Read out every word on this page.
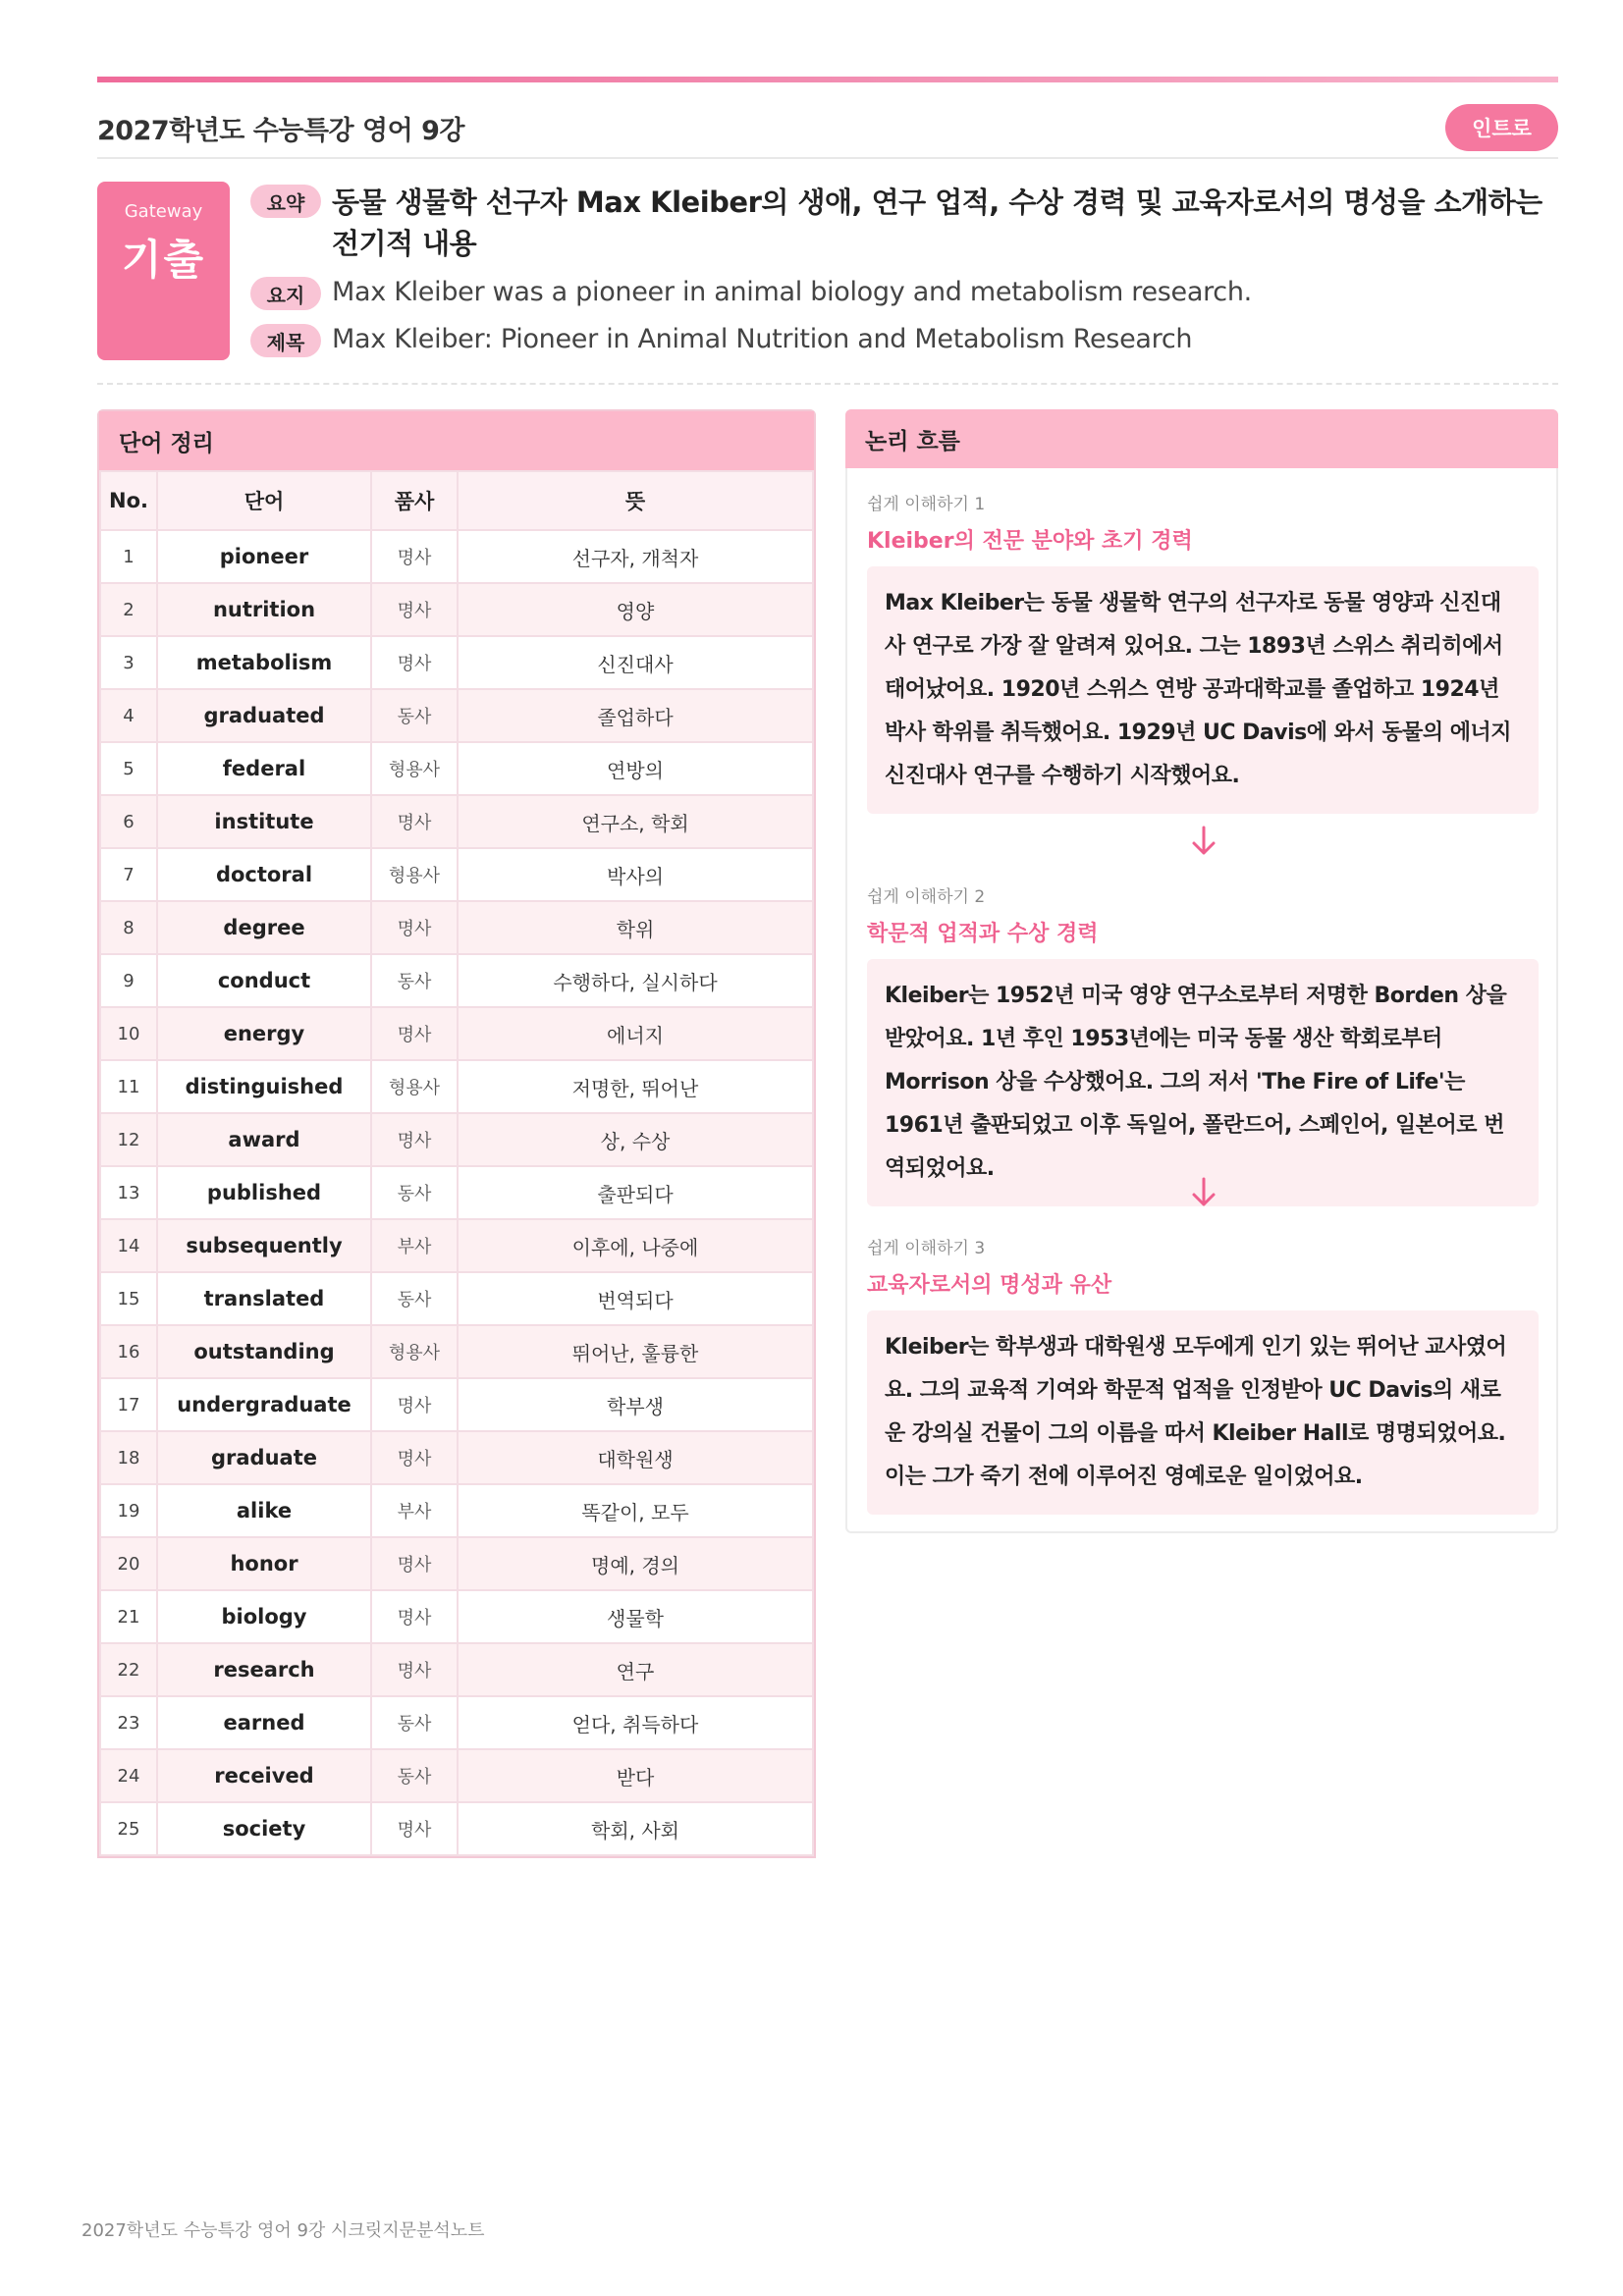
2027학년도 수능특강 영어 9강	인트로
Gateway
기출
요약 동물 생물학 선구자 Max Kleiber의 생애, 연구 업적, 수상 경력 및 교육자로서의 명성을 소개하는 전기적 내용
요지	Max Kleiber was a pioneer in animal biology and metabolism research.
제목	Max Kleiber: Pioneer in Animal Nutrition and Metabolism Research
단어 정리
No.	단어	품사	뜻
1	pioneer	명사	선구자, 개척자
2	nutrition	명사	영양
3	metabolism	명사	신진대사
4	graduated	동사	졸업하다
5	federal	형용사	연방의
6	institute	명사	연구소, 학회
7	doctoral	형용사	박사의
8	degree	명사	학위
9	conduct	동사	수행하다, 실시하다
10	energy	명사	에너지
11	distinguished	형용사	저명한, 뛰어난
12	award	명사	상, 수상
13	published	동사	출판되다
14	subsequently	부사	이후에, 나중에
15	translated	동사	번역되다
16	outstanding	형용사	뛰어난, 훌륭한
17	undergraduate	명사	학부생
18	graduate	명사	대학원생
19	alike	부사	똑같이, 모두
20	honor	명사	명예, 경의
21	biology	명사	생물학
22	research	명사	연구
23	earned	동사	얻다, 취득하다
24	received	동사	받다
25	society	명사	학회, 사회
논리 흐름
쉽게 이해하기 1
Kleiber의 전문 분야와 초기 경력
Max Kleiber는 동물 생물학 연구의 선구자로 동물 영양과 신진대사 연구로 가장 잘 알려져 있어요. 그는 1893년 스위스 취리히에서 태어났어요. 1920년 스위스 연방 공과대학교를 졸업하고 1924년 박사 학위를 취득했어요. 1929년 UC Davis에 와서 동물의 에너지 신진대사 연구를 수행하기 시작했어요.
쉽게 이해하기 2
학문적 업적과 수상 경력
Kleiber는 1952년 미국 영양 연구소로부터 저명한 Borden 상을 받았어요. 1년 후인 1953년에는 미국 동물 생산 학회로부터 Morrison 상을 수상했어요. 그의 저서 'The Fire of Life'는 1961년 출판되었고 이후 독일어, 폴란드어, 스페인어, 일본어로 번역되었어요.
쉽게 이해하기 3
교육자로서의 명성과 유산
Kleiber는 학부생과 대학원생 모두에게 인기 있는 뛰어난 교사였어요. 그의 교육적 기여와 학문적 업적을 인정받아 UC Davis의 새로운 강의실 건물이 그의 이름을 따서 Kleiber Hall로 명명되었어요. 이는 그가 죽기 전에 이루어진 영예로운 일이었어요.
2027학년도 수능특강 영어 9강 시크릿지문분석노트
